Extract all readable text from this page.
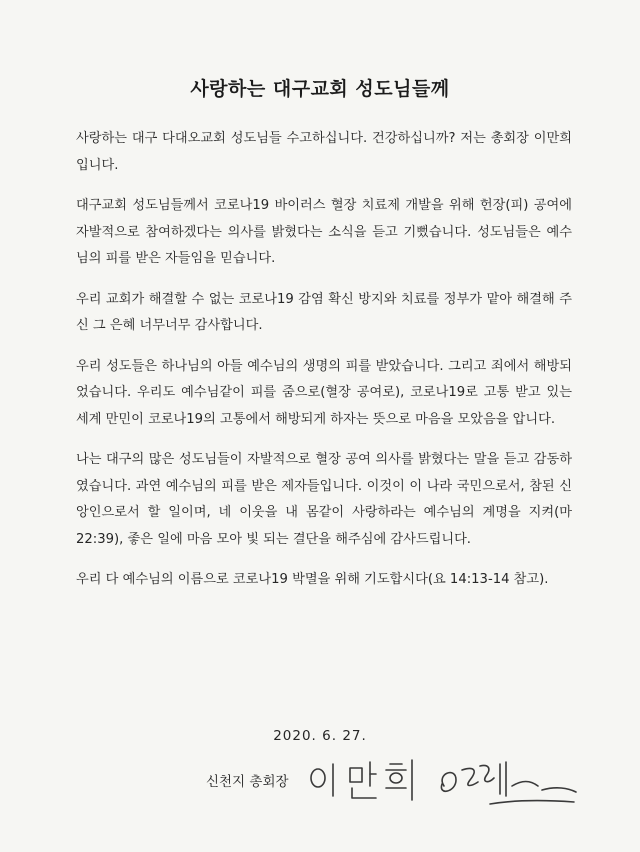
사랑하는 대구교회 성도님들께

사랑하는 대구 다대오교회 성도님들 수고하십니다. 건강하십니까? 저는 총회장 이만희입니다.

대구교회 성도님들께서 코로나19 바이러스 혈장 치료제 개발을 위해 헌장(피) 공여에 자발적으로 참여하겠다는 의사를 밝혔다는 소식을 듣고 기뻤습니다. 성도님들은 예수님의 피를 받은 자들임을 믿습니다.

우리 교회가 해결할 수 없는 코로나19 감염 확신 방지와 치료를 정부가 맡아 해결해 주신 그 은혜 너무너무 감사합니다.

우리 성도들은 하나님의 아들 예수님의 생명의 피를 받았습니다. 그리고 죄에서 해방되었습니다. 우리도 예수님같이 피를 줌으로(혈장 공여로), 코로나19로 고통 받고 있는 세계 만민이 코로나19의 고통에서 해방되게 하자는 뜻으로 마음을 모았음을 압니다.

나는 대구의 많은 성도님들이 자발적으로 혈장 공여 의사를 밝혔다는 말을 듣고 감동하였습니다. 과연 예수님의 피를 받은 제자들입니다. 이것이 이 나라 국민으로서, 참된 신앙인으로서 할 일이며, 네 이웃을 내 몸같이 사랑하라는 예수님의 계명을 지켜(마 22:39), 좋은 일에 마음 모아 빛 되는 결단을 해주심에 감사드립니다.

우리 다 예수님의 이름으로 코로나19 박멸을 위해 기도합시다(요 14:13-14 참고).

2020. 6. 27.
신천지 총회장
